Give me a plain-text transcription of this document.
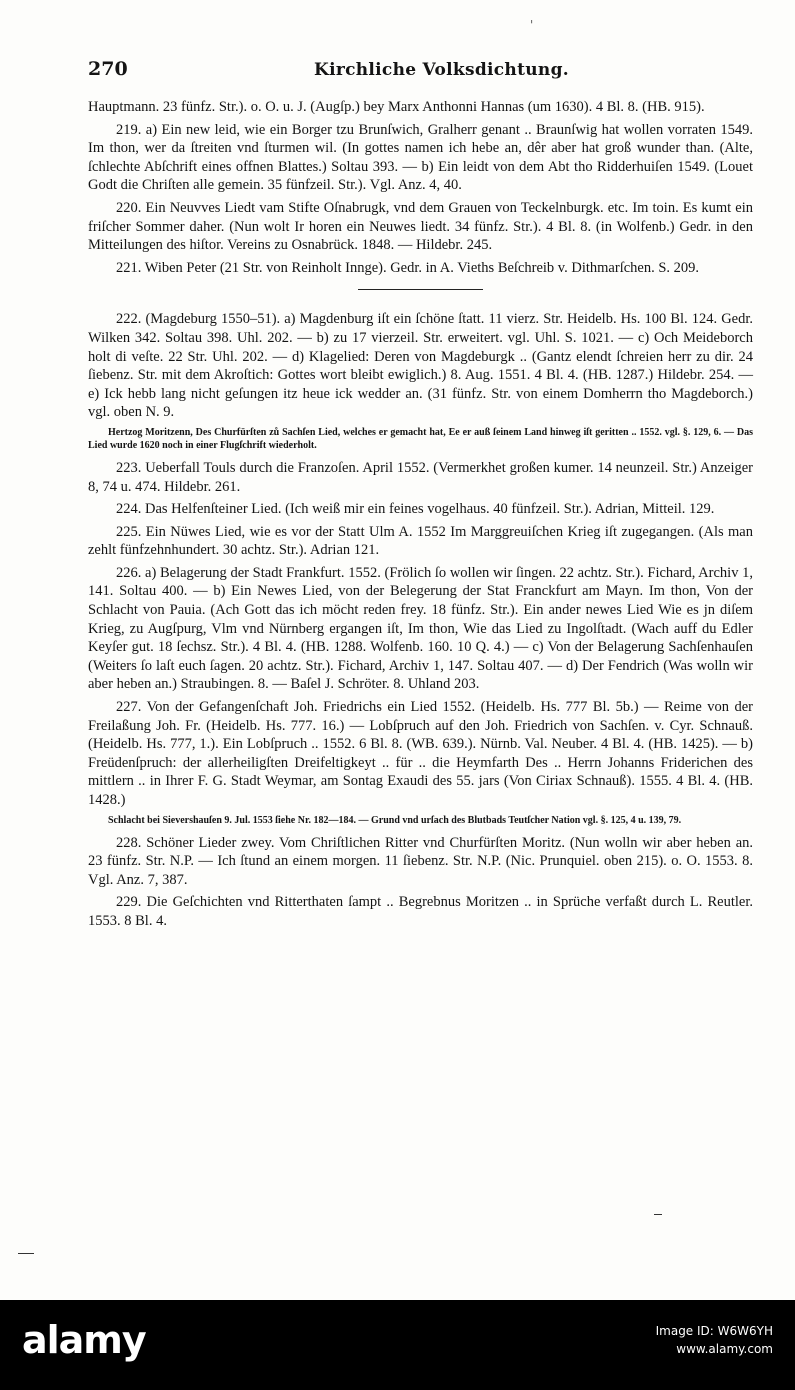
'
270	Kirchliche Volksdichtung.

Hauptmann. 23 fünfz. Str.). o. O. u. J. (Augſp.) bey Marx Anthonni Hannas (um 1630). 4 Bl. 8. (HB. 915).

219. a) Ein new leid, wie ein Borger tzu Brunſwich, Gralherr genant .. Braunſwig hat wollen vorraten 1549. Im thon, wer da ſtreiten vnd ſturmen wil. (In gottes namen ich hebe an, dêr aber hat groß wunder than. (Alte, ſchlechte Abſchrift eines offnen Blattes.) Soltau 393. — b) Ein leidt von dem Abt tho Ridderhuiſen 1549. (Louet Godt die Chriſten alle gemein. 35 fünfzeil. Str.). Vgl. Anz. 4, 40.

220. Ein Neuvves Liedt vam Stifte Oſnabrugk, vnd dem Grauen von Teckelnburgk. etc. Im toin. Es kumt ein friſcher Sommer daher. (Nun wolt Ir horen ein Neuwes liedt. 34 fünfz. Str.). 4 Bl. 8. (in Wolfenb.) Gedr. in den Mitteilungen des hiſtor. Vereins zu Osnabrück. 1848. — Hildebr. 245.

221. Wiben Peter (21 Str. von Reinholt Innge). Gedr. in A. Vieths Beſchreib v. Dithmarſchen. S. 209.

222. (Magdeburg 1550–51). a) Magdenburg iſt ein ſchöne ſtatt. 11 vierz. Str. Heidelb. Hs. 100 Bl. 124. Gedr. Wilken 342. Soltau 398. Uhl. 202. — b) zu 17 vierzeil. Str. erweitert. vgl. Uhl. S. 1021. — c) Och Meideborch holt di veſte. 22 Str. Uhl. 202. — d) Klagelied: Deren von Magdeburgk .. (Gantz elendt ſchreien herr zu dir. 24 ſiebenz. Str. mit dem Akroſtich: Gottes wort bleibt ewiglich.) 8. Aug. 1551. 4 Bl. 4. (HB. 1287.) Hildebr. 254. — e) Ick hebb lang nicht geſungen itz heue ick wedder an. (31 fünfz. Str. von einem Domherrn tho Magdeborch.) vgl. oben N. 9.

Hertzog Moritzenn, Des Churfürſten zů Sachſen Lied, welches er gemacht hat, Ee er auß ſeinem Land hinweg iſt geritten .. 1552. vgl. §. 129, 6. — Das Lied wurde 1620 noch in einer Flugſchrift wiederholt.

223. Ueberfall Touls durch die Franzoſen. April 1552. (Vermerkhet großen kumer. 14 neunzeil. Str.) Anzeiger 8, 74 u. 474. Hildebr. 261.

224. Das Helfenſteiner Lied. (Ich weiß mir ein feines vogelhaus. 40 fünfzeil. Str.). Adrian, Mitteil. 129.

225. Ein Nüwes Lied, wie es vor der Statt Ulm A. 1552 Im Marggreuiſchen Krieg iſt zugegangen. (Als man zehlt fünfzehnhundert. 30 achtz. Str.). Adrian 121.

226. a) Belagerung der Stadt Frankfurt. 1552. (Frölich ſo wollen wir ſingen. 22 achtz. Str.). Fichard, Archiv 1, 141. Soltau 400. — b) Ein Newes Lied, von der Belegerung der Stat Franckfurt am Mayn. Im thon, Von der Schlacht von Pauia. (Ach Gott das ich möcht reden frey. 18 fünfz. Str.). Ein ander newes Lied Wie es jn diſem Krieg, zu Augſpurg, Vlm vnd Nürnberg ergangen iſt, Im thon, Wie das Lied zu Ingolſtadt. (Wach auff du Edler Keyſer gut. 18 ſechsz. Str.). 4 Bl. 4. (HB. 1288. Wolfenb. 160. 10 Q. 4.) — c) Von der Belagerung Sachſenhauſen (Weiters ſo laſt euch ſagen. 20 achtz. Str.). Fichard, Archiv 1, 147. Soltau 407. — d) Der Fendrich (Was wolln wir aber heben an.) Straubingen. 8. — Baſel J. Schröter. 8. Uhland 203.

227. Von der Gefangenſchaft Joh. Friedrichs ein Lied 1552. (Heidelb. Hs. 777 Bl. 5b.) — Reime von der Freilaßung Joh. Fr. (Heidelb. Hs. 777. 16.) — Lobſpruch auf den Joh. Friedrich von Sachſen. v. Cyr. Schnauß. (Heidelb. Hs. 777, 1.). Ein Lobſpruch .. 1552. 6 Bl. 8. (WB. 639.). Nürnb. Val. Neuber. 4 Bl. 4. (HB. 1425). — b) Freüdenſpruch: der allerheiligſten Dreifeltigkeyt .. für .. die Heymfarth Des .. Herrn Johanns Friderichen des mittlern .. in Ihrer F. G. Stadt Weymar, am Sontag Exaudi des 55. jars (Von Ciriax Schnauß). 1555. 4 Bl. 4. (HB. 1428.)

Schlacht bei Sievershauſen 9. Jul. 1553 ſiehe Nr. 182—184. — Grund vnd urſach des Blutbads Teutſcher Nation vgl. §. 125, 4 u. 139, 79.

228. Schöner Lieder zwey. Vom Chriſtlichen Ritter vnd Churfürſten Moritz. (Nun wolln wir aber heben an. 23 fünfz. Str. N.P. — Ich ſtund an einem morgen. 11 ſiebenz. Str. N.P. (Nic. Prunquiel. oben 215). o. O. 1553. 8. Vgl. Anz. 7, 387.

229. Die Geſchichten vnd Ritterthaten ſampt .. Begrebnus Moritzen .. in Sprüche verfaßt durch L. Reutler. 1553. 8 Bl. 4.

alamy	Image ID: W6W6YH
www.alamy.com
